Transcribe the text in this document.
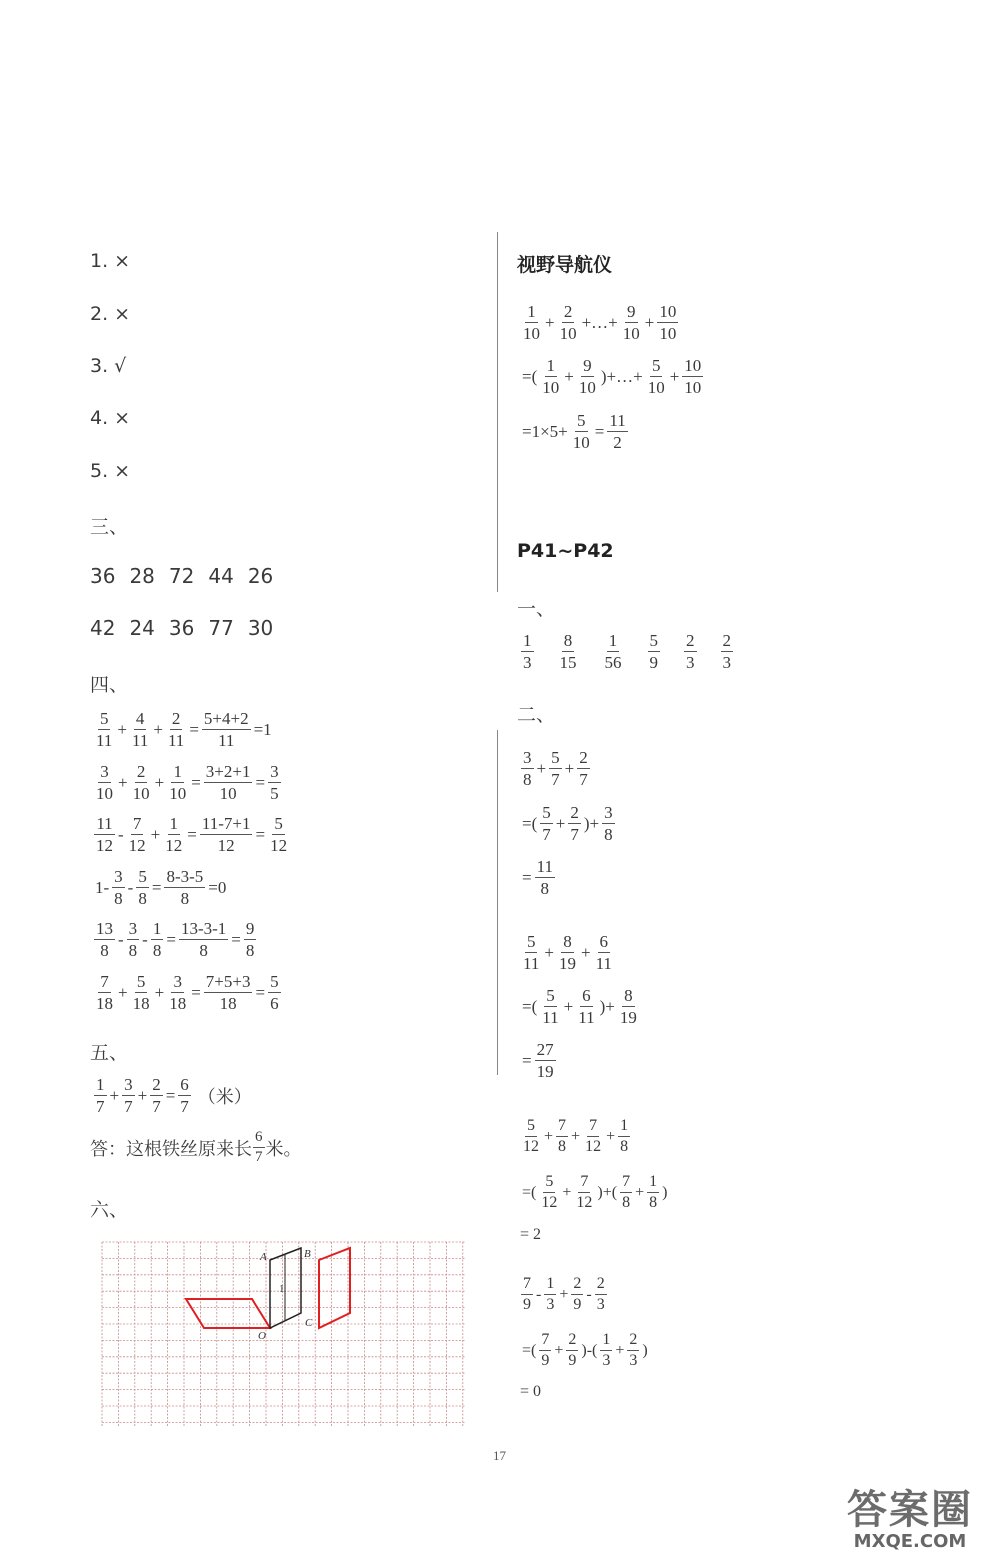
1. ×
2. ×
3. √
4. ×
5. ×
三、
36 28 72 44 26
42 24 36 77 30
四、
$\frac{5}{11} + \frac{4}{11} + \frac{2}{11} = \frac{5+4+2}{11} =1$
$\frac{3}{10} + \frac{2}{10} + \frac{1}{10} = \frac{3+2+1}{10} = \frac{3}{5}$
$\frac{11}{12} - \frac{7}{12} + \frac{1}{12} = \frac{11-7+1}{12} = \frac{5}{12}$
$1- \frac{3}{8} - \frac{5}{8} = \frac{8-3-5}{8} =0$
$\frac{13}{8} - \frac{3}{8} - \frac{1}{8} = \frac{13-3-1}{8} = \frac{9}{8}$
$\frac{7}{18} + \frac{5}{18} + \frac{3}{18} = \frac{7+5+3}{18} = \frac{5}{6}$
五、
$\frac{1}{7} + \frac{3}{7} + \frac{2}{7} = \frac{6}{7}$ （米）
答：这根铁丝原来长 $\frac{6}{7}$ 米。
六、
A	B
C
O
1
视野导航仪
$\frac{1}{10} + \frac{2}{10}$ +…+ $\frac{9}{10} + \frac{10}{10}$
=( $\frac{1}{10} + \frac{9}{10}$ )+…+ $\frac{5}{10} + \frac{10}{10}$
$=1\times 5+ \frac{5}{10} = \frac{11}{2}$
P41~P42
一、
$\frac{1}{3} \frac{8}{15} \frac{1}{56} \frac{5}{9} \frac{2}{3} \frac{2}{3}$
二、
$\frac{3}{8} + \frac{5}{7} + \frac{2}{7}$
=( $\frac{5}{7} + \frac{2}{7}$ )+ $\frac{3}{8}$
= $\frac{11}{8}$
$\frac{5}{11} + \frac{8}{19} + \frac{6}{11}$
=( $\frac{5}{11} + \frac{6}{11}$ )+ $\frac{8}{19}$
= $\frac{27}{19}$
$\frac{5}{12} + \frac{7}{8} + \frac{7}{12} + \frac{1}{8}$
=( $\frac{5}{12} + \frac{7}{12}$ )+( $\frac{7}{8} + \frac{1}{8}$ )
= 2
$\frac{7}{9} - \frac{1}{3} + \frac{2}{9} - \frac{2}{3}$
=( $\frac{7}{9} + \frac{2}{9}$ )-( $\frac{1}{3} + \frac{2}{3}$ )
= 0
17
答案圈
MXQE.COM
